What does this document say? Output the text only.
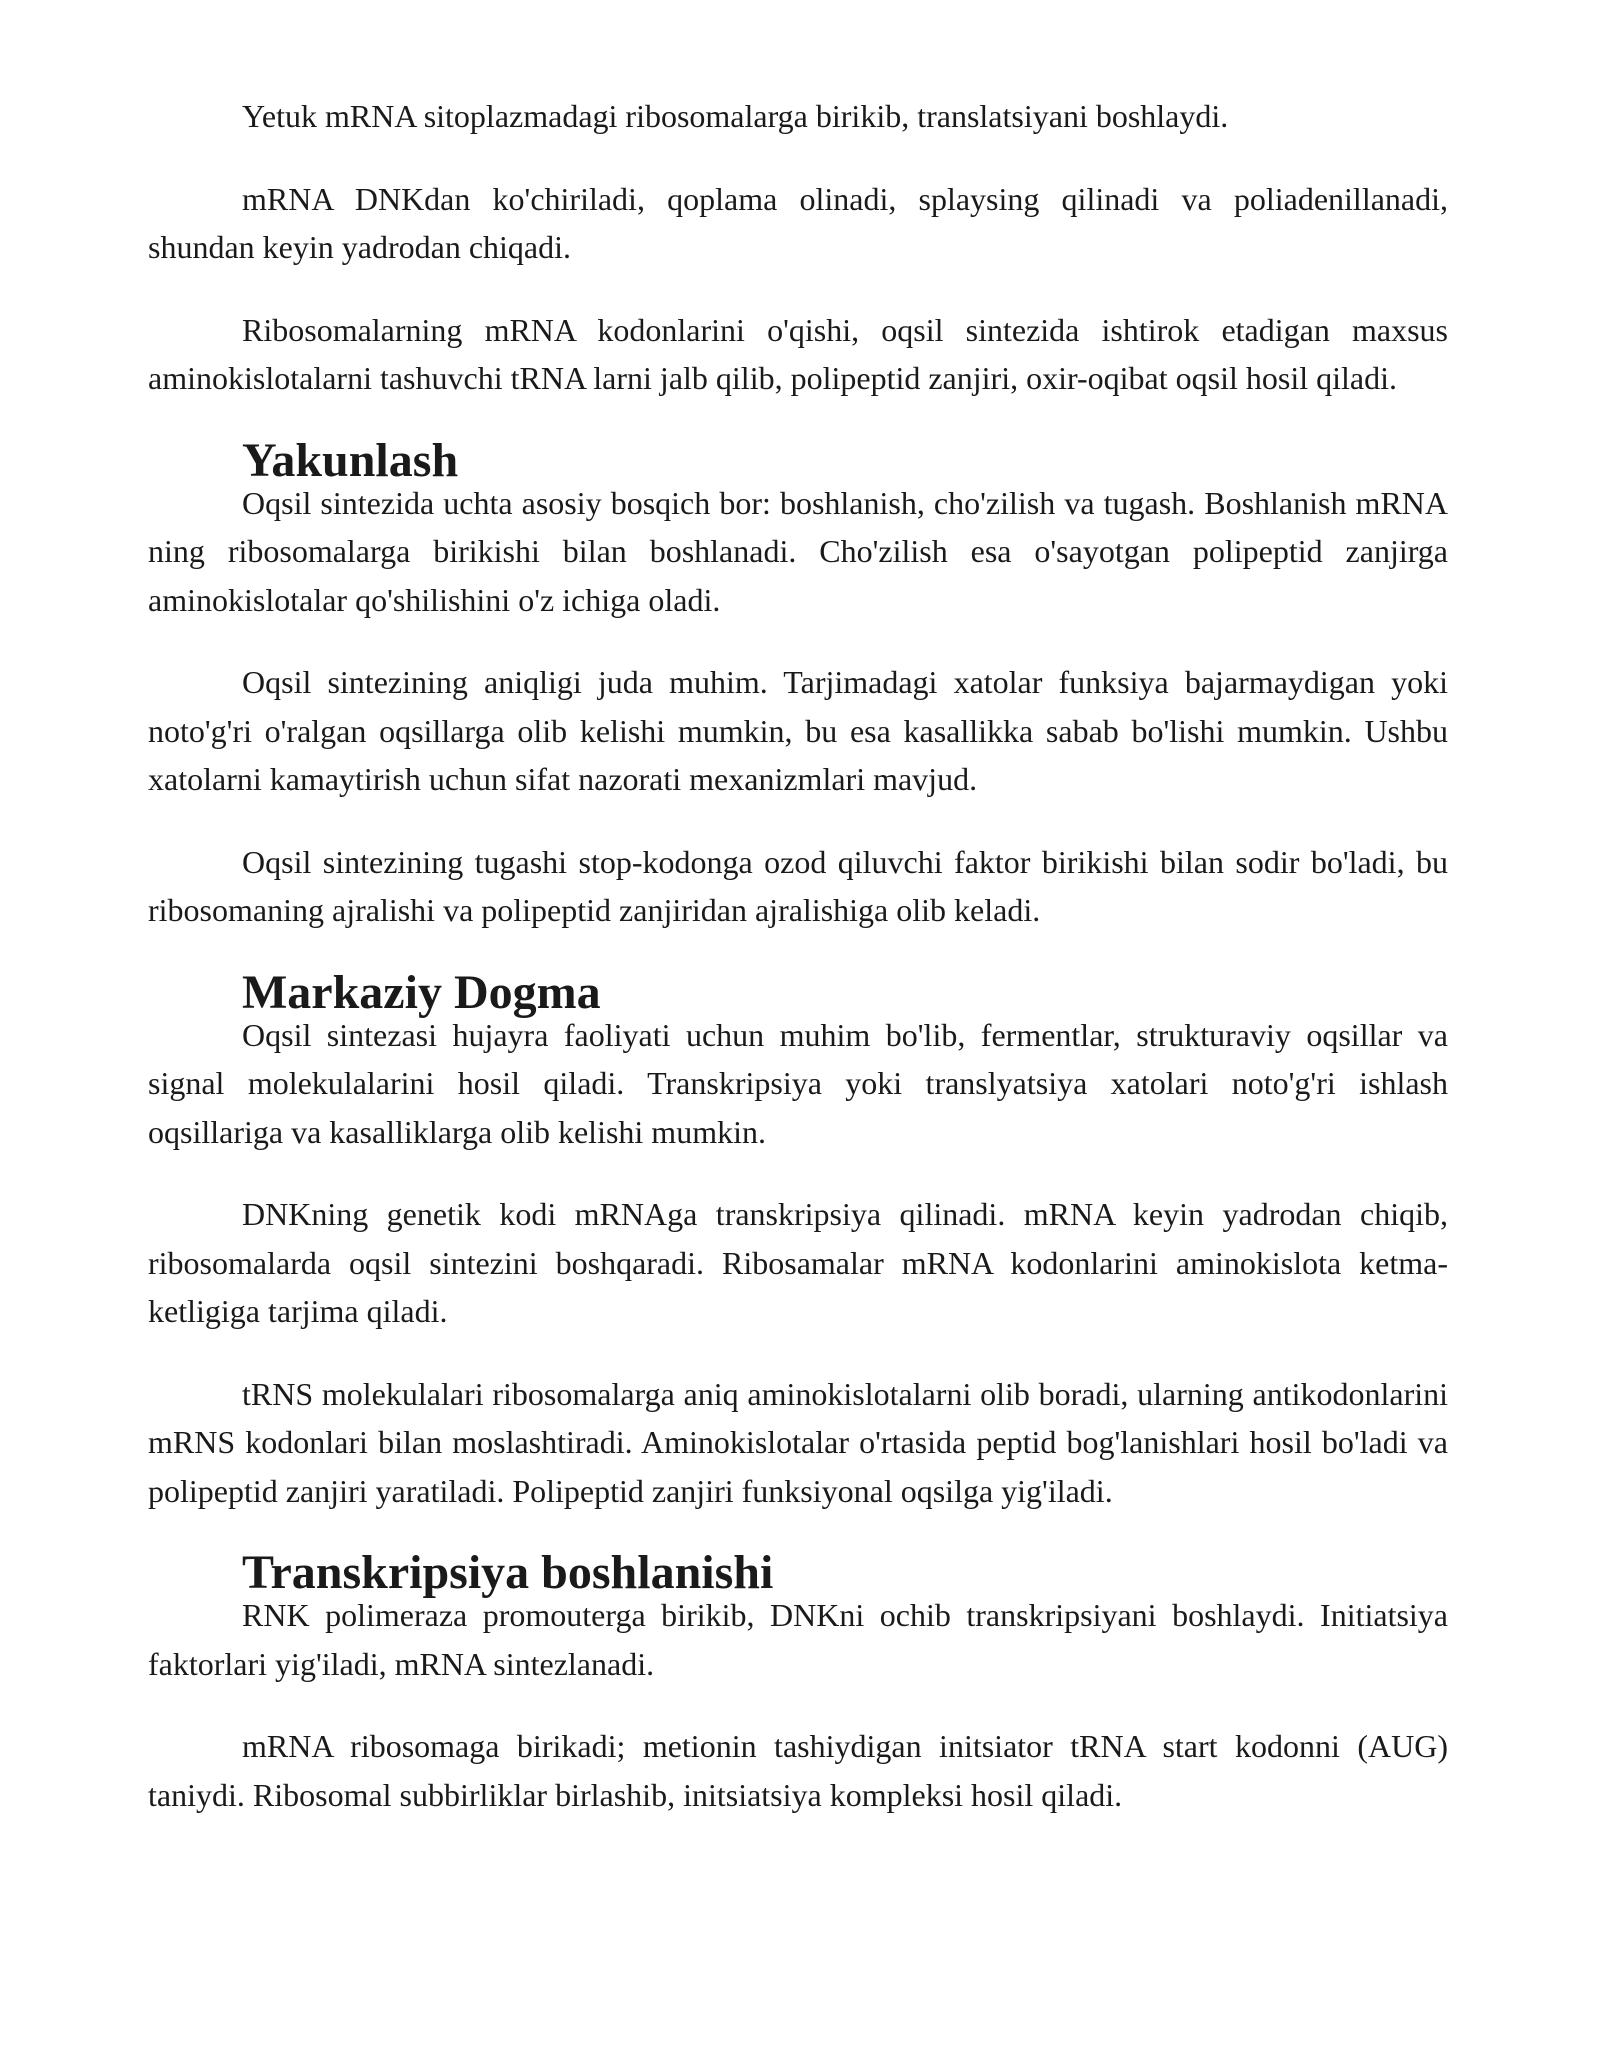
Yetuk mRNA sitoplazmadagi ribosomalarga birikib, translatsiyani boshlaydi.

mRNA DNKdan ko'chiriladi, qoplama olinadi, splaysing qilinadi va poliadenillanadi, shundan keyin yadrodan chiqadi.

Ribosomalarning mRNA kodonlarini o'qishi, oqsil sintezida ishtirok etadigan maxsus aminokislotalarni tashuvchi tRNA larni jalb qilib, polipeptid zanjiri, oxir-oqibat oqsil hosil qiladi.

Yakunlash

Oqsil sintezida uchta asosiy bosqich bor: boshlanish, cho'zilish va tugash. Boshlanish mRNA ning ribosomalarga birikishi bilan boshlanadi. Cho'zilish esa o'sayotgan polipeptid zanjirga aminokislotalar qo'shilishini o'z ichiga oladi.

Oqsil sintezining aniqligi juda muhim. Tarjimadagi xatolar funksiya bajarmaydigan yoki noto'g'ri o'ralgan oqsillarga olib kelishi mumkin, bu esa kasallikka sabab bo'lishi mumkin. Ushbu xatolarni kamaytirish uchun sifat nazorati mexanizmlari mavjud.

Oqsil sintezining tugashi stop-kodonga ozod qiluvchi faktor birikishi bilan sodir bo'ladi, bu ribosomaning ajralishi va polipeptid zanjiridan ajralishiga olib keladi.

Markaziy Dogma

Oqsil sintezasi hujayra faoliyati uchun muhim bo'lib, fermentlar, strukturaviy oqsillar va signal molekulalarini hosil qiladi. Transkripsiya yoki translyatsiya xatolari noto'g'ri ishlash oqsillariga va kasalliklarga olib kelishi mumkin.

DNKning genetik kodi mRNAga transkripsiya qilinadi. mRNA keyin yadrodan chiqib, ribosomalarda oqsil sintezini boshqaradi. Ribosamalar mRNA kodonlarini aminokislota ketma-ketligiga tarjima qiladi.

tRNS molekulalari ribosomalarga aniq aminokislotalarni olib boradi, ularning antikodonlarini mRNS kodonlari bilan moslashtiradi. Aminokislotalar o'rtasida peptid bog'lanishlari hosil bo'ladi va polipeptid zanjiri yaratiladi. Polipeptid zanjiri funksiyonal oqsilga yig'iladi.

Transkripsiya boshlanishi

RNK polimeraza promouterga birikib, DNKni ochib transkripsiyani boshlaydi. Initiatsiya faktorlari yig'iladi, mRNA sintezlanadi.

mRNA ribosomaga birikadi; metionin tashiydigan initsiator tRNA start kodonni (AUG) taniydi. Ribosomal subbirliklar birlashib, initsiatsiya kompleksi hosil qiladi.
